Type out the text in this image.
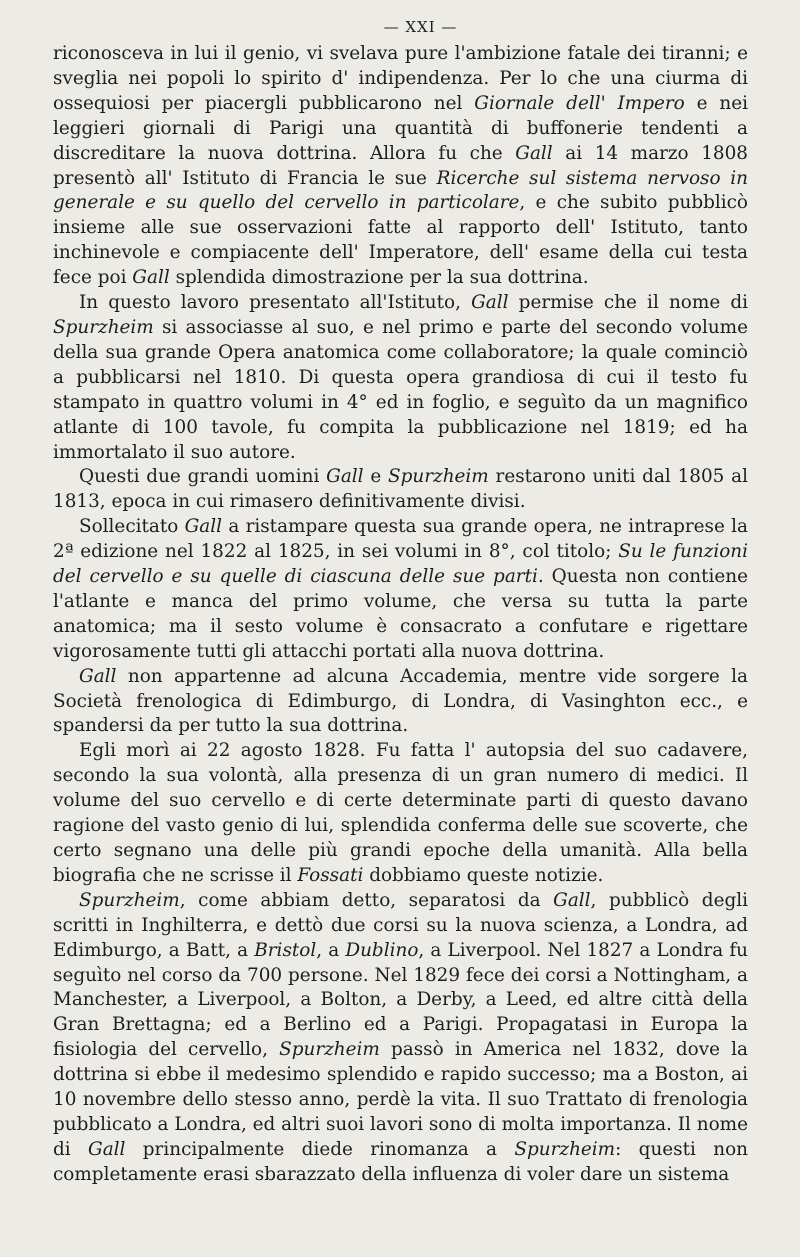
— XXI —

riconosceva in lui il genio, vi svelava pure l'ambizione fatale dei tiranni; e sveglia nei popoli lo spirito d' indipendenza. Per lo che una ciurma di ossequiosi per piacergli pubblicarono nel Giornale dell' Impero e nei leggieri giornali di Parigi una quantità di buffonerie tendenti a discreditare la nuova dottrina. Allora fu che Gall ai 14 marzo 1808 presentò all' Istituto di Francia le sue Ricerche sul sistema nervoso in generale e su quello del cervello in particolare, e che subito pubblicò insieme alle sue osservazioni fatte al rapporto dell' Istituto, tanto inchinevole e compiacente dell' Imperatore, dell' esame della cui testa fece poi Gall splendida dimostrazione per la sua dottrina.

In questo lavoro presentato all'Istituto, Gall permise che il nome di Spurzheim si associasse al suo, e nel primo e parte del secondo volume della sua grande Opera anatomica come collaboratore; la quale cominciò a pubblicarsi nel 1810. Di questa opera grandiosa di cui il testo fu stampato in quattro volumi in 4° ed in foglio, e seguìto da un magnifico atlante di 100 tavole, fu compita la pubblicazione nel 1819; ed ha immortalato il suo autore.

Questi due grandi uomini Gall e Spurzheim restarono uniti dal 1805 al 1813, epoca in cui rimasero definitivamente divisi.

Sollecitato Gall a ristampare questa sua grande opera, ne intraprese la 2ª edizione nel 1822 al 1825, in sei volumi in 8°, col titolo; Su le funzioni del cervello e su quelle di ciascuna delle sue parti. Questa non contiene l'atlante e manca del primo volume, che versa su tutta la parte anatomica; ma il sesto volume è consacrato a confutare e rigettare vigorosamente tutti gli attacchi portati alla nuova dottrina.

Gall non appartenne ad alcuna Accademia, mentre vide sorgere la Società frenologica di Edimburgo, di Londra, di Vasinghton ecc., e spandersi da per tutto la sua dottrina.

Egli morì ai 22 agosto 1828. Fu fatta l' autopsia del suo cadavere, secondo la sua volontà, alla presenza di un gran numero di medici. Il volume del suo cervello e di certe determinate parti di questo davano ragione del vasto genio di lui, splendida conferma delle sue scoverte, che certo segnano una delle più grandi epoche della umanità. Alla bella biografia che ne scrisse il Fossati dobbiamo queste notizie.

Spurzheim, come abbiam detto, separatosi da Gall, pubblicò degli scritti in Inghilterra, e dettò due corsi su la nuova scienza, a Londra, ad Edimburgo, a Batt, a Bristol, a Dublino, a Liverpool. Nel 1827 a Londra fu seguìto nel corso da 700 persone. Nel 1829 fece dei corsi a Nottingham, a Manchester, a Liverpool, a Bolton, a Derby, a Leed, ed altre città della Gran Brettagna; ed a Berlino ed a Parigi. Propagatasi in Europa la fisiologia del cervello, Spurzheim passò in America nel 1832, dove la dottrina si ebbe il medesimo splendido e rapido successo; ma a Boston, ai 10 novembre dello stesso anno, perdè la vita. Il suo Trattato di frenologia pubblicato a Londra, ed altri suoi lavori sono di molta importanza. Il nome di Gall principalmente diede rinomanza a Spurzheim: questi non completamente erasi sbarazzato della influenza di voler dare un sistema
